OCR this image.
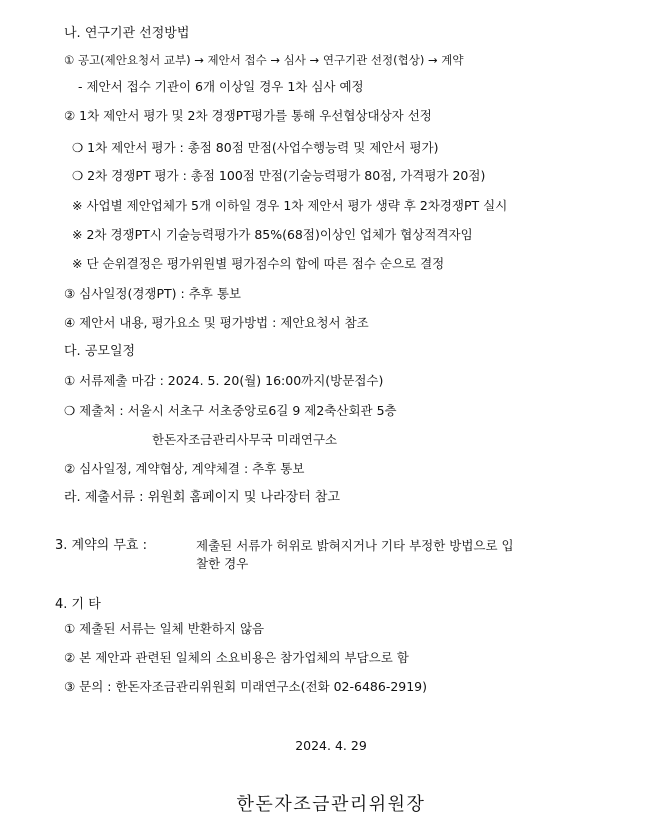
나. 연구기관 선정방법
① 공고(제안요청서 교부) → 제안서 접수 → 심사 → 연구기관 선정(협상) → 계약
- 제안서 접수 기관이 6개 이상일 경우 1차 심사 예정
② 1차 제안서 평가 및 2차 경쟁PT평가를 통해 우선협상대상자 선정
❍ 1차 제안서 평가 : 총점 80점 만점(사업수행능력 및 제안서 평가)
❍ 2차 경쟁PT 평가 : 총점 100점 만점(기술능력평가 80점, 가격평가 20점)
※ 사업별 제안업체가 5개 이하일 경우 1차 제안서 평가 생략 후 2차경쟁PT 실시
※ 2차 경쟁PT시 기술능력평가가 85%(68점)이상인 업체가 협상적격자임
※ 단 순위결정은 평가위원별 평가점수의 합에 따른 점수 순으로 결정
③ 심사일정(경쟁PT) : 추후 통보
④ 제안서 내용, 평가요소 및 평가방법 : 제안요청서 참조
다. 공모일정
① 서류제출 마감 : 2024. 5. 20(월) 16:00까지(방문접수)
❍ 제출처 : 서울시 서초구 서초중앙로6길 9 제2축산회관 5층
한돈자조금관리사무국 미래연구소
② 심사일정, 계약협상, 계약체결 : 추후 통보
라. 제출서류 : 위원회 홈페이지 및 나라장터 참고
3. 계약의 무효 :	제출된 서류가 허위로 밝혀지거나 기타 부정한 방법으로 입
찰한 경우
4. 기 타
① 제출된 서류는 일체 반환하지 않음
② 본 제안과 관련된 일체의 소요비용은 참가업체의 부담으로 함
③ 문의 : 한돈자조금관리위원회 미래연구소(전화 02-6486-2919)
2024. 4. 29
한돈자조금관리위원장
